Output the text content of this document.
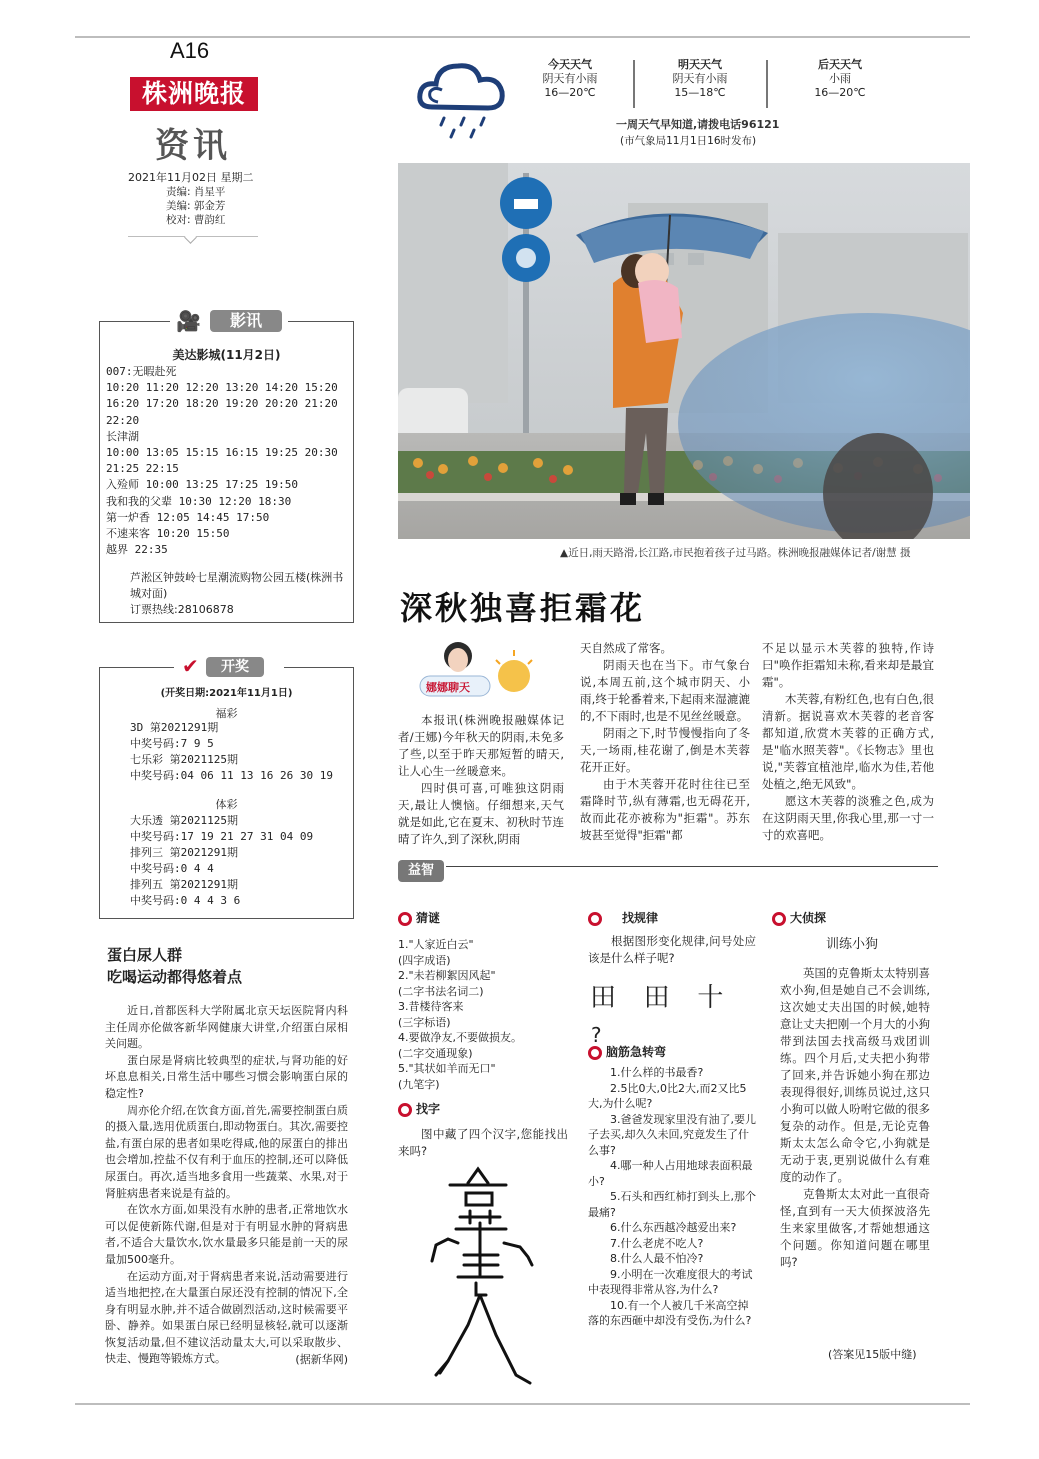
A16
株洲晚报
资讯
2021年11月02日 星期二
责编: 肖星平
美编: 郭金芳
校对: 曹韵红
今天天气
阴天有小雨
16—20℃
明天天气
阴天有小雨
15—18℃
后天天气
小雨
16—20℃
一周天气早知道,请拨电话96121
(市气象局11月1日16时发布)
▲近日,雨天路滑,长江路,市民抱着孩子过马路。株洲晚报融媒体记者/谢慧 摄
🎥	影讯
美达影城(11月2日)
007:无暇赴死
10:20 11:20 12:20 13:20 14:20 15:20
16:20 17:20 18:20 19:20 20:20 21:20
22:20
长津湖
10:00 13:05 15:15 16:15 19:25 20:30
21:25 22:15
入殓师 10:00 13:25 17:25 19:50
我和我的父辈 10:30 12:20 18:30
第一炉香 12:05 14:45 17:50
不速来客 10:20 15:50
越界 22:35
芦淞区钟鼓岭七星潮流购物公园五楼(株洲书城对面)
订票热线:28106878
✔	开奖
(开奖日期:2021年11月1日)
福彩
3D 第2021291期
中奖号码:7 9 5
七乐彩 第2021125期
中奖号码:04 06 11 13 16 26 30 19
体彩
大乐透 第2021125期
中奖号码:17 19 21 27 31 04 09
排列三 第2021291期
中奖号码:0 4 4
排列五 第2021291期
中奖号码:0 4 4 3 6
蛋白尿人群
吃喝运动都得悠着点
近日,首都医科大学附属北京天坛医院肾内科主任周亦伦做客新华网健康大讲堂,介绍蛋白尿相关问题。
蛋白尿是肾病比较典型的症状,与肾功能的好坏息息相关,日常生活中哪些习惯会影响蛋白尿的稳定性?
周亦伦介绍,在饮食方面,首先,需要控制蛋白质的摄入量,选用优质蛋白,即动物蛋白。其次,需要控盐,有蛋白尿的患者如果吃得咸,他的尿蛋白的排出也会增加,控盐不仅有利于血压的控制,还可以降低尿蛋白。再次,适当地多食用一些蔬菜、水果,对于肾脏病患者来说是有益的。
在饮水方面,如果没有水肿的患者,正常地饮水可以促使新陈代谢,但是对于有明显水肿的肾病患者,不适合大量饮水,饮水量最多只能是前一天的尿量加500毫升。
在运动方面,对于肾病患者来说,活动需要进行适当地把控,在大量蛋白尿还没有控制的情况下,全身有明显水肿,并不适合做剧烈活动,这时候需要平卧、静养。如果蛋白尿已经明显核轻,就可以逐渐恢复活动量,但不建议活动量太大,可以采取散步、快走、慢跑等锻炼方式。	(据新华网)
深秋独喜拒霜花
娜娜聊天
本报讯(株洲晚报融媒体记者/王娜)今年秋天的阴雨,未免多了些,以至于昨天那短暂的晴天,让人心生一丝暖意来。
四时俱可喜,可唯独这阴雨天,最让人懊恼。仔细想来,天气就是如此,它在夏末、初秋时节连晴了许久,到了深秋,阴雨
天自然成了常客。
阴雨天也在当下。市气象台说,本周五前,这个城市阴天、小雨,终于轮番着来,下起雨来湿漉漉的,不下雨时,也是不见丝丝暖意。
阴雨之下,时节慢慢指向了冬天,一场雨,桂花谢了,倒是木芙蓉花开正好。
由于木芙蓉开花时往往已至霜降时节,纵有薄霜,也无碍花开,故而此花亦被称为"拒霜"。苏东坡甚至觉得"拒霜"都
不足以显示木芙蓉的独特,作诗曰"唤作拒霜知未称,看来却是最宜霜"。
木芙蓉,有粉红色,也有白色,很清新。据说喜欢木芙蓉的老音客都知道,欣赏木芙蓉的正确方式,是"临水照芙蓉"。《长物志》里也说,"芙蓉宜植池岸,临水为佳,若他处植之,绝无风致"。
愿这木芙蓉的淡雅之色,成为在这阴雨天里,你我心里,那一寸一寸的欢喜吧。
益智
猜谜
1."人家近白云"
(四字成语)
2."未若柳絮因风起"
(二字书法名词二)
3.昔楼待客来
(三字标语)
4.要做净友,不要做损友。
(二字交通现象)
5."其状如羊而无口"
(九笔字)
找字
图中藏了四个汉字,您能找出来吗?
找规律
根据图形变化规律,问号处应该是什么样子呢?
田 田 十 ?
脑筋急转弯
1.什么样的书最香?
2.5比0大,0比2大,而2又比5大,为什么呢?
3.爸爸发现家里没有油了,要儿子去买,却久久未回,究竟发生了什么事?
4.哪一种人占用地球表面积最小?
5.石头和西红柿打到头上,那个最痛?
6.什么东西越冷越爱出来?
7.什么老虎不吃人?
8.什么人最不怕冷?
9.小明在一次难度很大的考试中表现得非常从容,为什么?
10.有一个人被几千米高空掉落的东西砸中却没有受伤,为什么?
大侦探
训练小狗
英国的克鲁斯太太特别喜欢小狗,但是她自己不会训练,这次她丈夫出国的时候,她特意让丈夫把刚一个月大的小狗带到法国去找高级马戏团训练。四个月后,丈夫把小狗带了回来,并告诉她小狗在那边表现得很好,训练员说过,这只小狗可以做人吩咐它做的很多复杂的动作。但是,无论克鲁斯太太怎么命令它,小狗就是无动于衷,更别说做什么有难度的动作了。
克鲁斯太太对此一直很奇怪,直到有一天大侦探波洛先生来家里做客,才帮她想通这个问题。你知道问题在哪里吗?
(答案见15版中缝)
